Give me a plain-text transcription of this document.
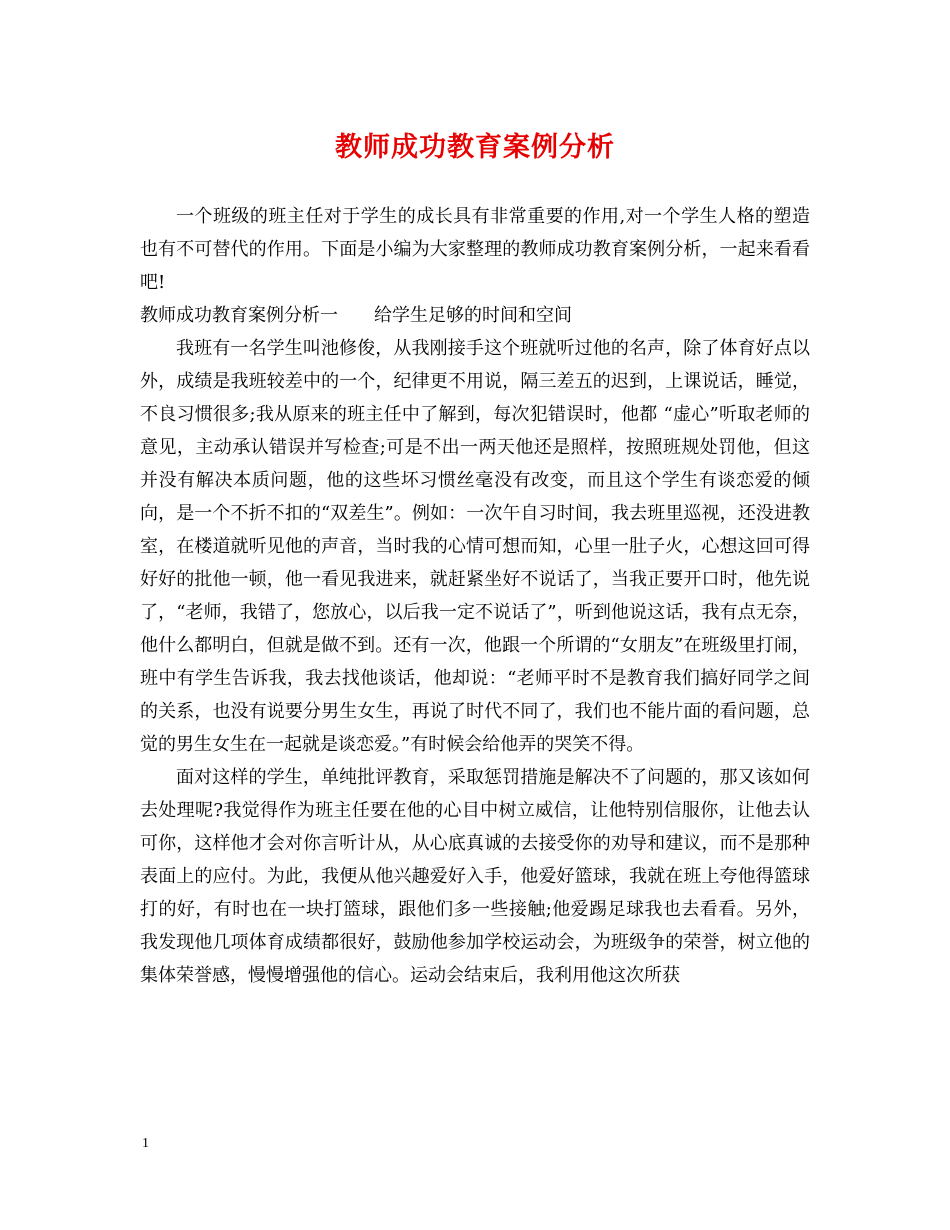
教师成功教育案例分析

一个班级的班主任对于学生的成长具有非常重要的作用,对一个学生人格的塑造也有不可替代的作用。下面是小编为大家整理的教师成功教育案例分析，一起来看看吧!

教师成功教育案例分析一　　给学生足够的时间和空间

我班有一名学生叫池修俊，从我刚接手这个班就听过他的名声，除了体育好点以外，成绩是我班较差中的一个，纪律更不用说，隔三差五的迟到，上课说话，睡觉，不良习惯很多;我从原来的班主任中了解到，每次犯错误时，他都 “虚心”听取老师的意见，主动承认错误并写检查;可是不出一两天他还是照样，按照班规处罚他，但这并没有解决本质问题，他的这些坏习惯丝毫没有改变，而且这个学生有谈恋爱的倾向，是一个不折不扣的“双差生”。例如：一次午自习时间，我去班里巡视，还没进教室，在楼道就听见他的声音，当时我的心情可想而知，心里一肚子火，心想这回可得好好的批他一顿，他一看见我进来，就赶紧坐好不说话了，当我正要开口时，他先说了，“老师，我错了，您放心，以后我一定不说话了”，听到他说这话，我有点无奈，他什么都明白，但就是做不到。还有一次，他跟一个所谓的“女朋友”在班级里打闹，班中有学生告诉我，我去找他谈话，他却说：“老师平时不是教育我们搞好同学之间的关系，也没有说要分男生女生，再说了时代不同了，我们也不能片面的看问题，总觉的男生女生在一起就是谈恋爱。”有时候会给他弄的哭笑不得。

面对这样的学生，单纯批评教育，采取惩罚措施是解决不了问题的，那又该如何去处理呢?我觉得作为班主任要在他的心目中树立威信，让他特别信服你，让他去认可你，这样他才会对你言听计从，从心底真诚的去接受你的劝导和建议，而不是那种表面上的应付。为此，我便从他兴趣爱好入手，他爱好篮球，我就在班上夸他得篮球打的好，有时也在一块打篮球，跟他们多一些接触;他爱踢足球我也去看看。另外，我发现他几项体育成绩都很好，鼓励他参加学校运动会，为班级争的荣誉，树立他的集体荣誉感，慢慢增强他的信心。运动会结束后，我利用他这次所获

1
